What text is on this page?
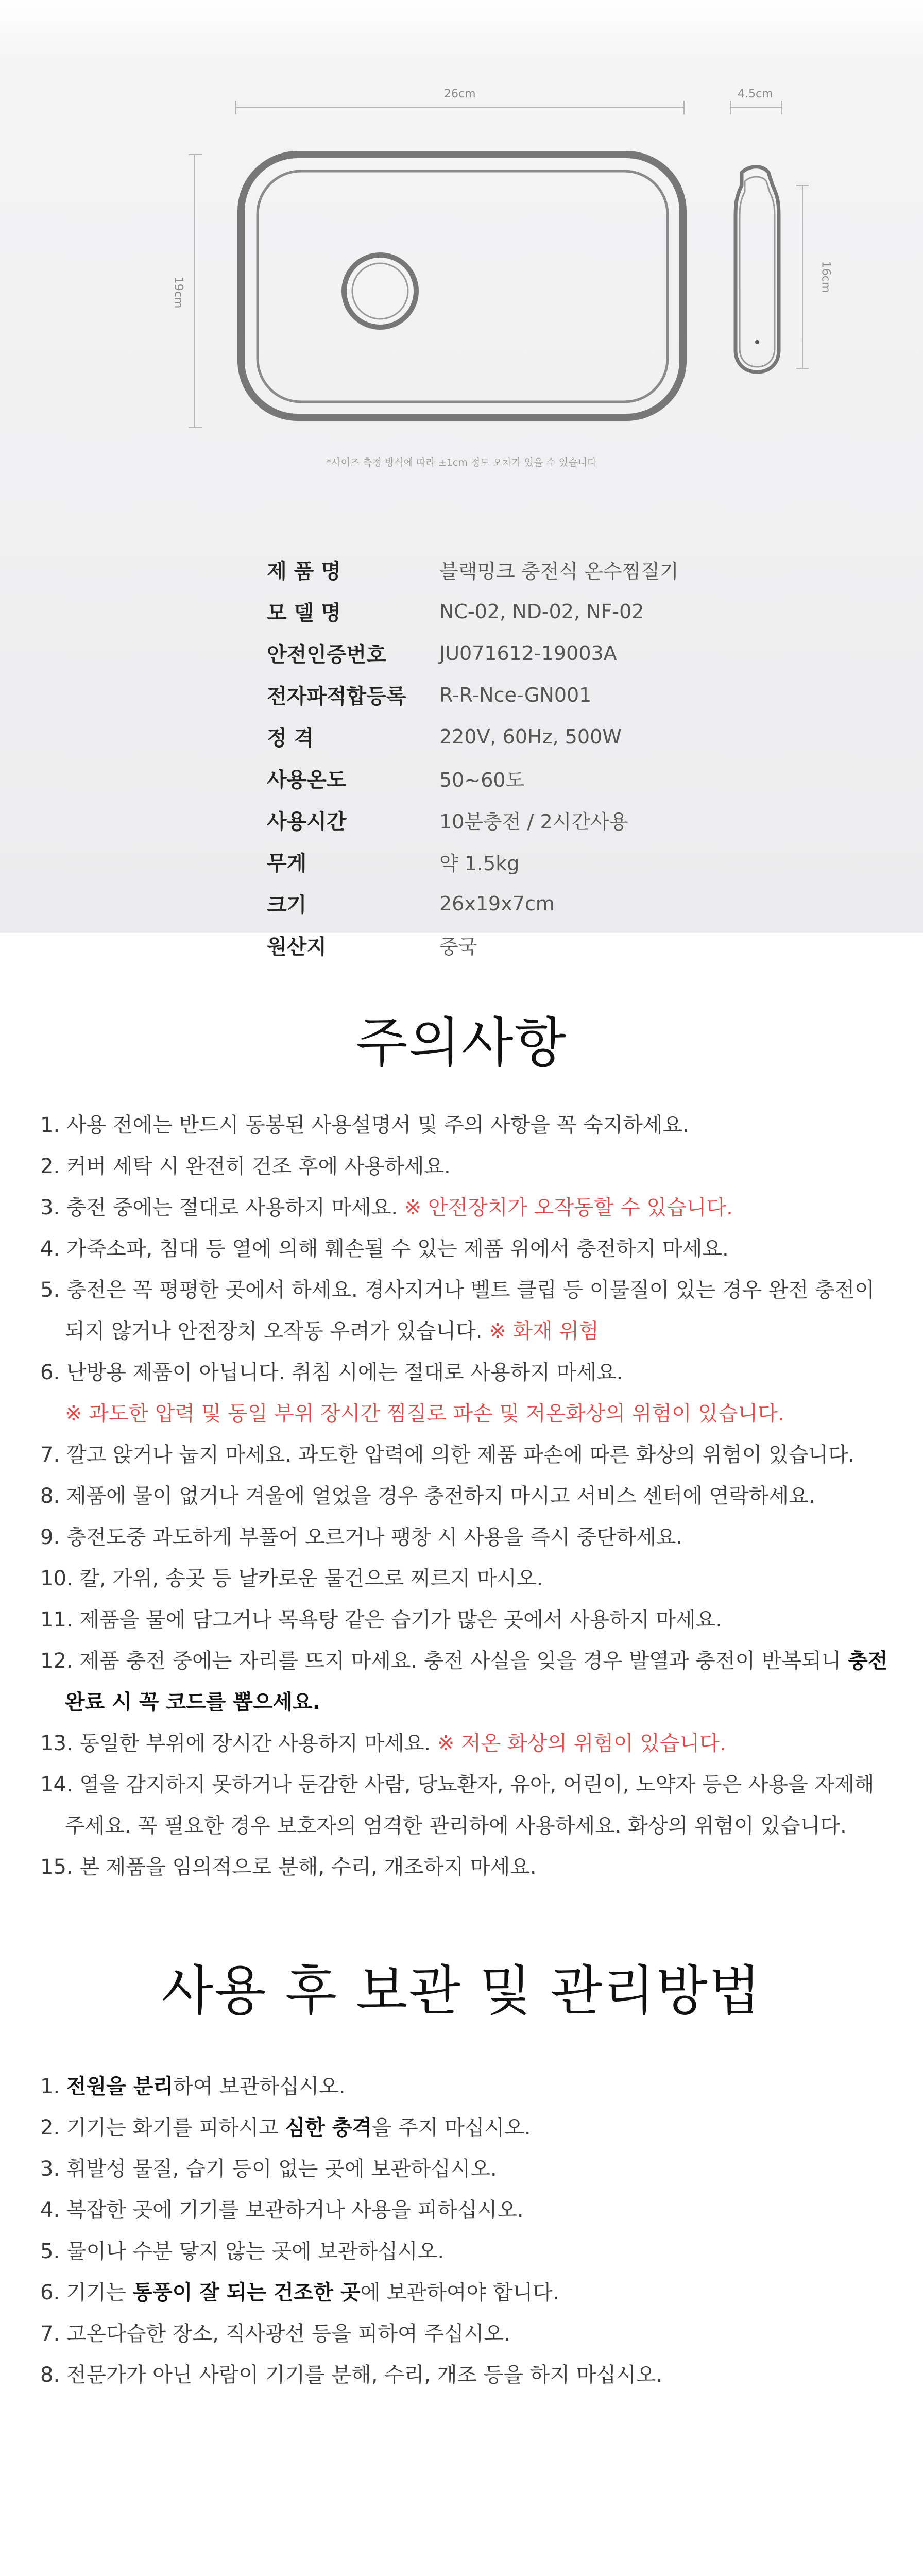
26cm	4.5cm
19cm	16cm
*사이즈 측정 방식에 따라 ±1cm 정도 오차가 있을 수 있습니다
제 품 명	블랙밍크 충전식 온수찜질기
모 델 명	NC-02, ND-02, NF-02
안전인증번호	JU071612-19003A
전자파적합등록	R-R-Nce-GN001
정 격	220V, 60Hz, 500W
사용온도	50~60도
사용시간	10분충전 / 2시간사용
무게	약 1.5kg
크기	26x19x7cm
원산지	중국
주의사항
1. 사용 전에는 반드시 동봉된 사용설명서 및 주의 사항을 꼭 숙지하세요.
2. 커버 세탁 시 완전히 건조 후에 사용하세요.
3. 충전 중에는 절대로 사용하지 마세요. ※ 안전장치가 오작동할 수 있습니다.
4. 가죽소파, 침대 등 열에 의해 훼손될 수 있는 제품 위에서 충전하지 마세요.
5. 충전은 꼭 평평한 곳에서 하세요. 경사지거나 벨트 클립 등 이물질이 있는 경우 완전 충전이
되지 않거나 안전장치 오작동 우려가 있습니다. ※ 화재 위험
6. 난방용 제품이 아닙니다. 취침 시에는 절대로 사용하지 마세요.
※ 과도한 압력 및 동일 부위 장시간 찜질로 파손 및 저온화상의 위험이 있습니다.
7. 깔고 앉거나 눕지 마세요. 과도한 압력에 의한 제품 파손에 따른 화상의 위험이 있습니다.
8. 제품에 물이 없거나 겨울에 얼었을 경우 충전하지 마시고 서비스 센터에 연락하세요.
9. 충전도중 과도하게 부풀어 오르거나 팽창 시 사용을 즉시 중단하세요.
10. 칼, 가위, 송곳 등 날카로운 물건으로 찌르지 마시오.
11. 제품을 물에 담그거나 목욕탕 같은 습기가 많은 곳에서 사용하지 마세요.
12. 제품 충전 중에는 자리를 뜨지 마세요. 충전 사실을 잊을 경우 발열과 충전이 반복되니 충전
완료 시 꼭 코드를 뽑으세요.
13. 동일한 부위에 장시간 사용하지 마세요. ※ 저온 화상의 위험이 있습니다.
14. 열을 감지하지 못하거나 둔감한 사람, 당뇨환자, 유아, 어린이, 노약자 등은 사용을 자제해
주세요. 꼭 필요한 경우 보호자의 엄격한 관리하에 사용하세요. 화상의 위험이 있습니다.
15. 본 제품을 임의적으로 분해, 수리, 개조하지 마세요.
사용 후 보관 및 관리방법
1. 전원을 분리하여 보관하십시오.
2. 기기는 화기를 피하시고 심한 충격을 주지 마십시오.
3. 휘발성 물질, 습기 등이 없는 곳에 보관하십시오.
4. 복잡한 곳에 기기를 보관하거나 사용을 피하십시오.
5. 물이나 수분 닿지 않는 곳에 보관하십시오.
6. 기기는 통풍이 잘 되는 건조한 곳에 보관하여야 합니다.
7. 고온다습한 장소, 직사광선 등을 피하여 주십시오.
8. 전문가가 아닌 사람이 기기를 분해, 수리, 개조 등을 하지 마십시오.
